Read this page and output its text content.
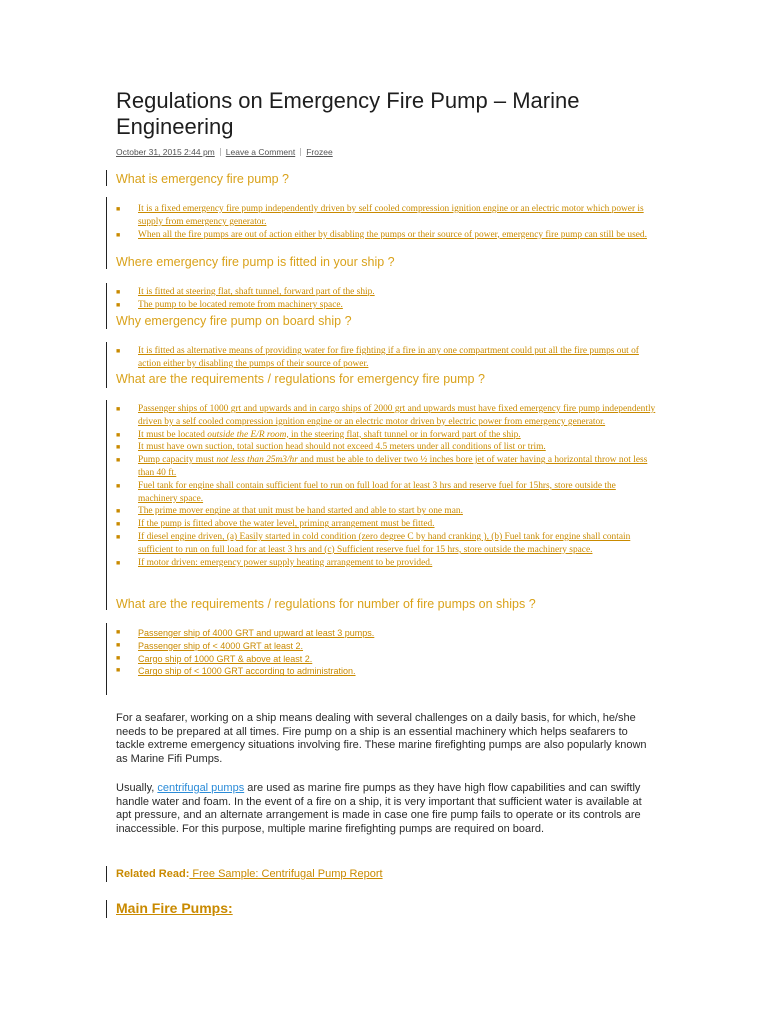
Regulations on Emergency Fire Pump – Marine Engineering
October 31, 2015 2:44 pm Leave a Comment Frozee
What is emergency fire pump ?
■ It is a fixed emergency fire pump independently driven by self cooled compression ignition engine or an electric motor which power is supply from emergency generator.
■ When all the fire pumps are out of action either by disabling the pumps or their source of power, emergency fire pump can still be used.
Where emergency fire pump is fitted in your ship ?
■ It is fitted at steering flat, shaft tunnel, forward part of the ship.
■ The pump to be located remote from machinery space.
Why emergency fire pump on board ship ?
■ It is fitted as alternative means of providing water for fire fighting if a fire in any one compartment could put all the fire pumps out of action either by disabling the pumps of their source of power.
What are the requirements / regulations for emergency fire pump ?
■ Passenger ships of 1000 grt and upwards and in cargo ships of 2000 grt and upwards must have fixed emergency fire pump independently driven by a self cooled compression ignition engine or an electric motor driven by electric power from emergency generator.
■ It must be located outside the E/R room, in the steering flat, shaft tunnel or in forward part of the ship.
■ It must have own suction, total suction head should not exceed 4.5 meters under all conditions of list or trim.
■ Pump capacity must not less than 25m3/hr and must be able to deliver two ½ inches bore jet of water having a horizontal throw not less than 40 ft.
■ Fuel tank for engine shall contain sufficient fuel to run on full load for at least 3 hrs and reserve fuel for 15hrs, store outside the machinery space.
■ The prime mover engine at that unit must be hand started and able to start by one man.
■ If the pump is fitted above the water level, priming arrangement must be fitted.
■ If diesel engine driven, (a) Easily started in cold condition (zero degree C by hand cranking ), (b) Fuel tank for engine shall contain sufficient to run on full load for at least 3 hrs and (c) Sufficient reserve fuel for 15 hrs, store outside the machinery space.
■ If motor driven: emergency power supply heating arrangement to be provided.
What are the requirements / regulations for number of fire pumps on ships ?
■ Passenger ship of 4000 GRT and upward at least 3 pumps.
■ Passenger ship of < 4000 GRT at least 2.
■ Cargo ship of 1000 GRT & above at least 2.
■ Cargo ship of < 1000 GRT according to administration.

For a seafarer, working on a ship means dealing with several challenges on a daily basis, for which, he/she needs to be prepared at all times. Fire pump on a ship is an essential machinery which helps seafarers to tackle extreme emergency situations involving fire. These marine firefighting pumps are also popularly known as Marine Fifi Pumps.

Usually, centrifugal pumps are used as marine fire pumps as they have high flow capabilities and can swiftly handle water and foam. In the event of a fire on a ship, it is very important that sufficient water is available at apt pressure, and an alternate arrangement is made in case one fire pump fails to operate or its controls are inaccessible. For this purpose, multiple marine firefighting pumps are required on board.

Related Read: Free Sample: Centrifugal Pump Report
Main Fire Pumps:
